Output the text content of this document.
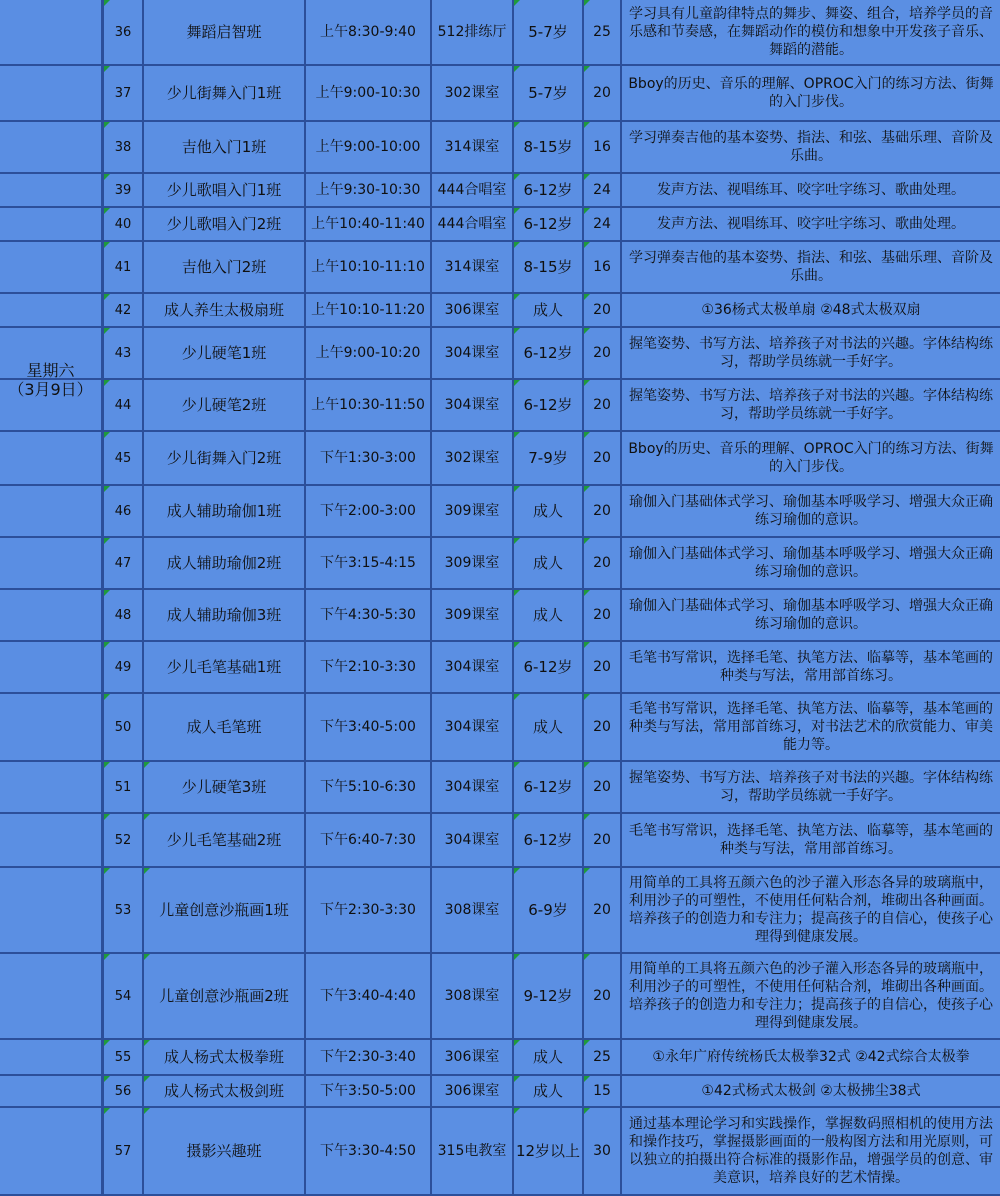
星期六
（3月9日）
36	舞蹈启智班	上午8:30-9:40 512排练厅 5-7岁 25
学习具有儿童韵律特点的舞步、舞姿、组合，培养学员的音乐感和节奏感，在舞蹈动作的模仿和想象中开发孩子音乐、舞蹈的潜能。
37 少儿街舞入门1班 上午9:00-10:30 302课室 5-7岁 20
Bboy的历史、音乐的理解、OPROC入门的练习方法、街舞的入门步伐。
38	吉他入门1班	上午9:00-10:00 314课室 8-15岁 16
学习弹奏吉他的基本姿势、指法、和弦、基础乐理、音阶及乐曲。
39 少儿歌唱入门1班 上午9:30-10:30 444合唱室 6-12岁 24	发声方法、视唱练耳、咬字吐字练习、歌曲处理。
40 少儿歌唱入门2班 上午10:40-11:40 444合唱室 6-12岁 24	发声方法、视唱练耳、咬字吐字练习、歌曲处理。
41	吉他入门2班	上午10:10-11:10 314课室 8-15岁 16
学习弹奏吉他的基本姿势、指法、和弦、基础乐理、音阶及乐曲。
42 成人养生太极扇班 上午10:10-11:20 306课室 成人 20	①36杨式太极单扇 ②48式太极双扇
43	少儿硬笔1班	上午9:00-10:20 304课室 6-12岁 20
握笔姿势、书写方法、培养孩子对书法的兴趣。字体结构练习，帮助学员练就一手好字。
44	少儿硬笔2班	上午10:30-11:50 304课室 6-12岁 20
握笔姿势、书写方法、培养孩子对书法的兴趣。字体结构练习，帮助学员练就一手好字。
45 少儿街舞入门2班	下午1:30-3:00 302课室 7-9岁 20
Bboy的历史、音乐的理解、OPROC入门的练习方法、街舞的入门步伐。
46 成人辅助瑜伽1班	下午2:00-3:00 309课室 成人 20
瑜伽入门基础体式学习、瑜伽基本呼吸学习、增强大众正确练习瑜伽的意识。
47 成人辅助瑜伽2班	下午3:15-4:15 309课室 成人 20
瑜伽入门基础体式学习、瑜伽基本呼吸学习、增强大众正确练习瑜伽的意识。
48 成人辅助瑜伽3班	下午4:30-5:30 309课室 成人 20
瑜伽入门基础体式学习、瑜伽基本呼吸学习、增强大众正确练习瑜伽的意识。
49 少儿毛笔基础1班	下午2:10-3:30 304课室 6-12岁 20
毛笔书写常识，选择毛笔、执笔方法、临摹等，基本笔画的种类与写法，常用部首练习。
50	成人毛笔班	下午3:40-5:00 304课室 成人 20
毛笔书写常识，选择毛笔、执笔方法、临摹等，基本笔画的种类与写法，常用部首练习，对书法艺术的欣赏能力、审美能力等。
51	少儿硬笔3班	下午5:10-6:30 304课室 6-12岁 20
握笔姿势、书写方法、培养孩子对书法的兴趣。字体结构练习，帮助学员练就一手好字。
52 少儿毛笔基础2班	下午6:40-7:30 304课室 6-12岁 20
毛笔书写常识，选择毛笔、执笔方法、临摹等，基本笔画的种类与写法，常用部首练习。
53 儿童创意沙瓶画1班 下午2:30-3:30 308课室 6-9岁 20
用简单的工具将五颜六色的沙子灌入形态各异的玻璃瓶中，利用沙子的可塑性，不使用任何粘合剂，堆砌出各种画面。培养孩子的创造力和专注力；提高孩子的自信心，使孩子心理得到健康发展。
54 儿童创意沙瓶画2班 下午3:40-4:40 308课室 9-12岁 20
用简单的工具将五颜六色的沙子灌入形态各异的玻璃瓶中，利用沙子的可塑性，不使用任何粘合剂，堆砌出各种画面。培养孩子的创造力和专注力；提高孩子的自信心，使孩子心理得到健康发展。
55 成人杨式太极拳班	下午2:30-3:40 306课室 成人 25	①永年广府传统杨氏太极拳32式 ②42式综合太极拳
56 成人杨式太极剑班	下午3:50-5:00 306课室 成人 15	①42式杨式太极剑 ②太极拂尘38式
57	摄影兴趣班	下午3:30-4:50 315电教室 12岁以上 30
通过基本理论学习和实践操作，掌握数码照相机的使用方法和操作技巧，掌握摄影画面的一般构图方法和用光原则，可以独立的拍摄出符合标准的摄影作品，增强学员的创意、审美意识，培养良好的艺术情操。
